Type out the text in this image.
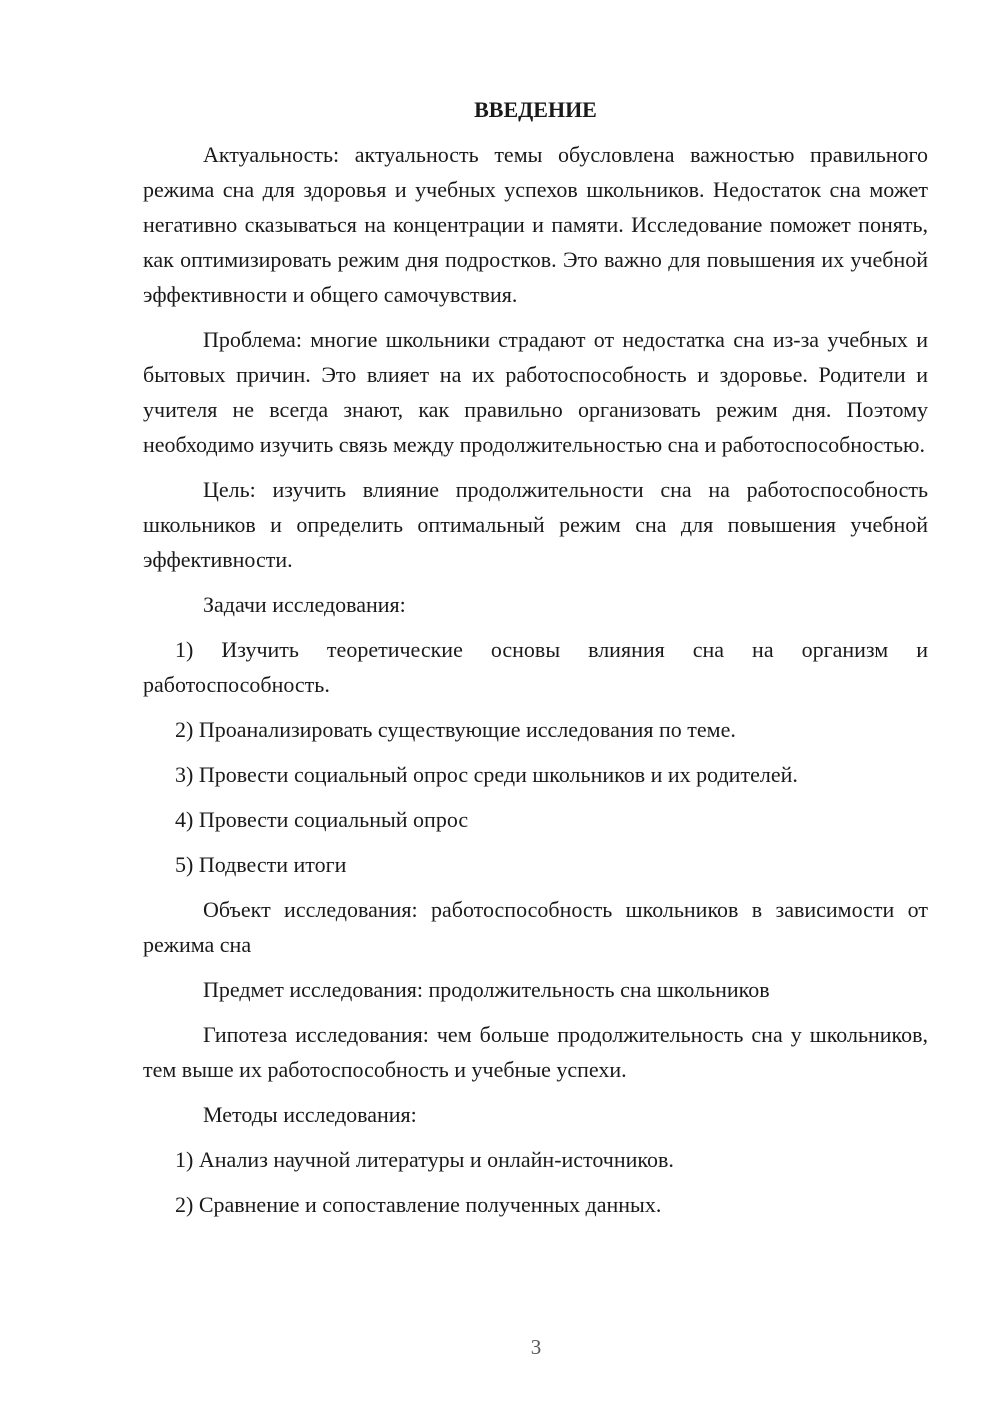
ВВЕДЕНИЕ

Актуальность: актуальность темы обусловлена важностью правильного режима сна для здоровья и учебных успехов школьников. Недостаток сна может негативно сказываться на концентрации и памяти. Исследование поможет понять, как оптимизировать режим дня подростков. Это важно для повышения их учебной эффективности и общего самочувствия.

Проблема: многие школьники страдают от недостатка сна из-за учебных и бытовых причин. Это влияет на их работоспособность и здоровье. Родители и учителя не всегда знают, как правильно организовать режим дня. Поэтому необходимо изучить связь между продолжительностью сна и работоспособностью.

Цель: изучить влияние продолжительности сна на работоспособность школьников и определить оптимальный режим сна для повышения учебной эффективности.

Задачи исследования:

1) Изучить теоретические основы влияния сна на организм и работоспособность.

2) Проанализировать существующие исследования по теме.

3) Провести социальный опрос среди школьников и их родителей.

4) Провести социальный опрос

5) Подвести итоги

Объект исследования: работоспособность школьников в зависимости от режима сна

Предмет исследования: продолжительность сна школьников

Гипотеза исследования: чем больше продолжительность сна у школьников, тем выше их работоспособность и учебные успехи.

Методы исследования:

1) Анализ научной литературы и онлайн-источников.

2) Сравнение и сопоставление полученных данных.

3
